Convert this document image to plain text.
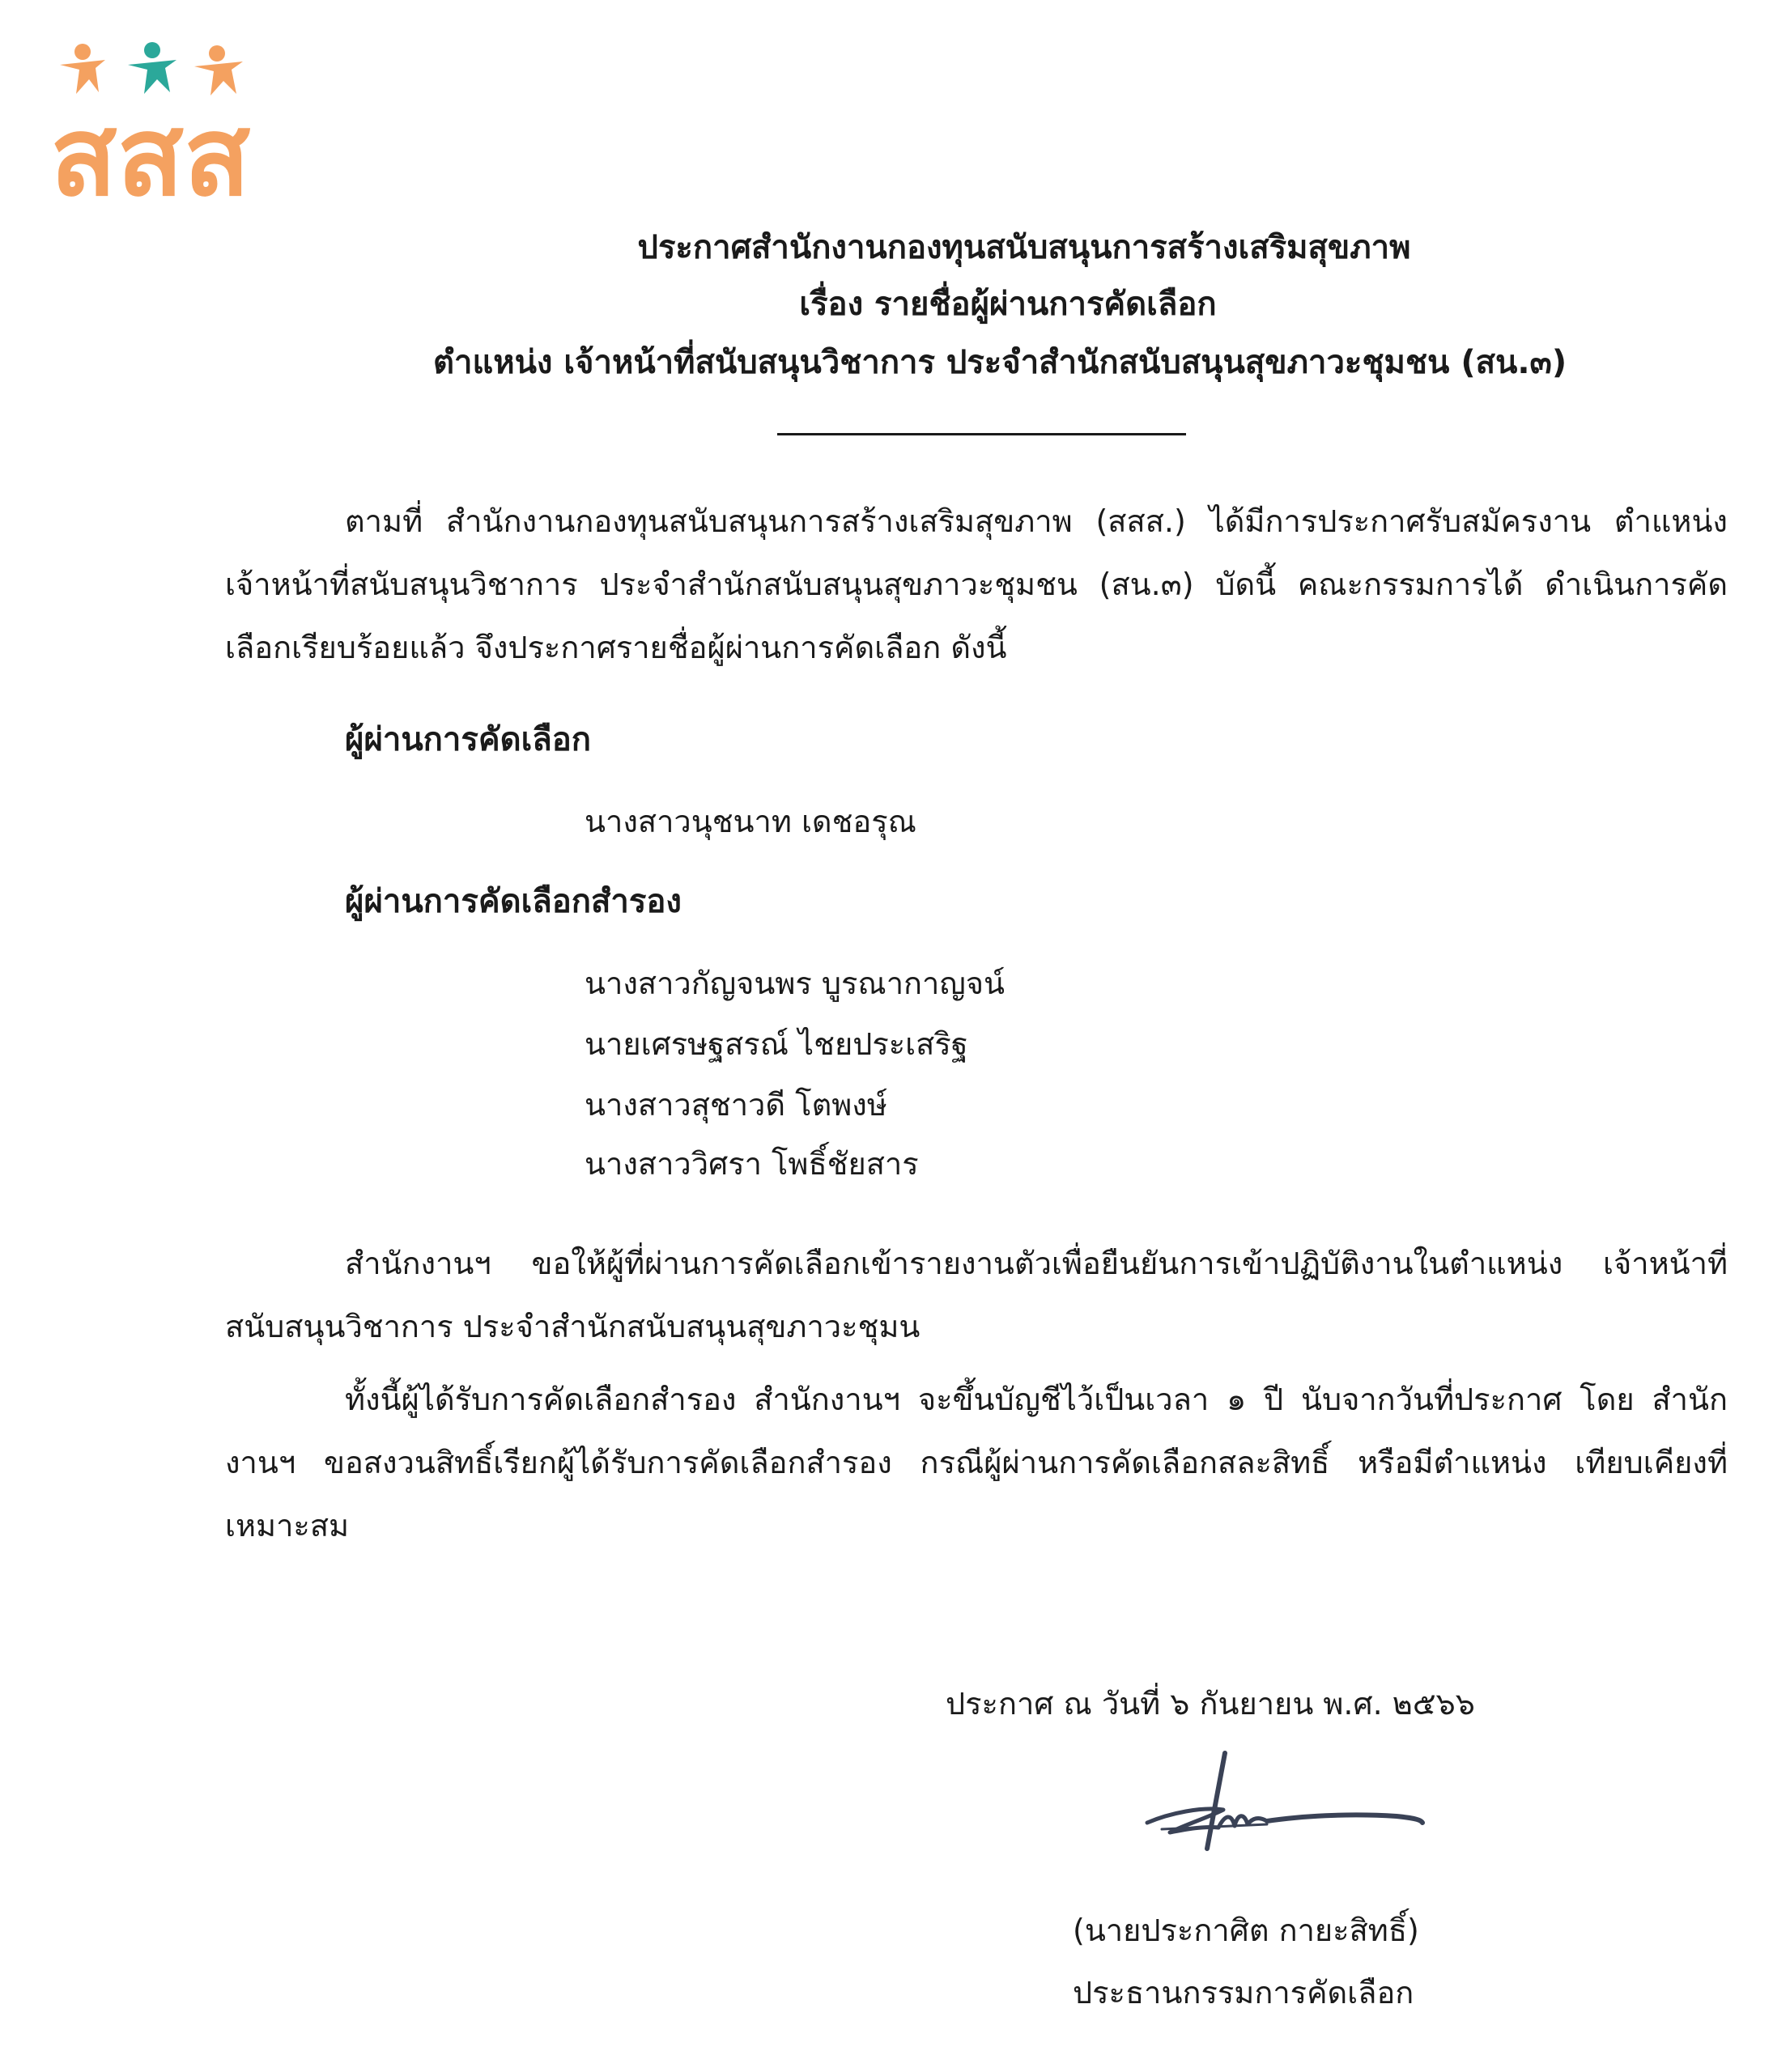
สสส
ประกาศสำนักงานกองทุนสนับสนุนการสร้างเสริมสุขภาพ
เรื่อง รายชื่อผู้ผ่านการคัดเลือก
ตำแหน่ง เจ้าหน้าที่สนับสนุนวิชาการ ประจำสำนักสนับสนุนสุขภาวะชุมชน (สน.๓)
ตามที่ สำนักงานกองทุนสนับสนุนการสร้างเสริมสุขภาพ (สสส.) ได้มีการประกาศรับสมัครงาน ตำแหน่ง เจ้าหน้าที่สนับสนุนวิชาการ ประจำสำนักสนับสนุนสุขภาวะชุมชน (สน.๓) บัดนี้ คณะกรรมการได้ ดำเนินการคัดเลือกเรียบร้อยแล้ว จึงประกาศรายชื่อผู้ผ่านการคัดเลือก ดังนี้
ผู้ผ่านการคัดเลือก
นางสาวนุชนาท เดชอรุณ
ผู้ผ่านการคัดเลือกสำรอง
นางสาวกัญจนพร บูรณากาญจน์
นายเศรษฐสรณ์ ไชยประเสริฐ
นางสาวสุชาวดี โตพงษ์
นางสาววิศรา โพธิ์ชัยสาร
สำนักงานฯ ขอให้ผู้ที่ผ่านการคัดเลือกเข้ารายงานตัวเพื่อยืนยันการเข้าปฏิบัติงานในตำแหน่ง เจ้าหน้าที่สนับสนุนวิชาการ ประจำสำนักสนับสนุนสุขภาวะชุมน
ทั้งนี้ผู้ได้รับการคัดเลือกสำรอง สำนักงานฯ จะขึ้นบัญชีไว้เป็นเวลา ๑ ปี นับจากวันที่ประกาศ โดย สำนักงานฯ ขอสงวนสิทธิ์เรียกผู้ได้รับการคัดเลือกสำรอง กรณีผู้ผ่านการคัดเลือกสละสิทธิ์ หรือมีตำแหน่ง เทียบเคียงที่เหมาะสม
ประกาศ ณ วันที่ ๖ กันยายน พ.ศ. ๒๕๖๖
(นายประกาศิต กายะสิทธิ์)
ประธานกรรมการคัดเลือก
